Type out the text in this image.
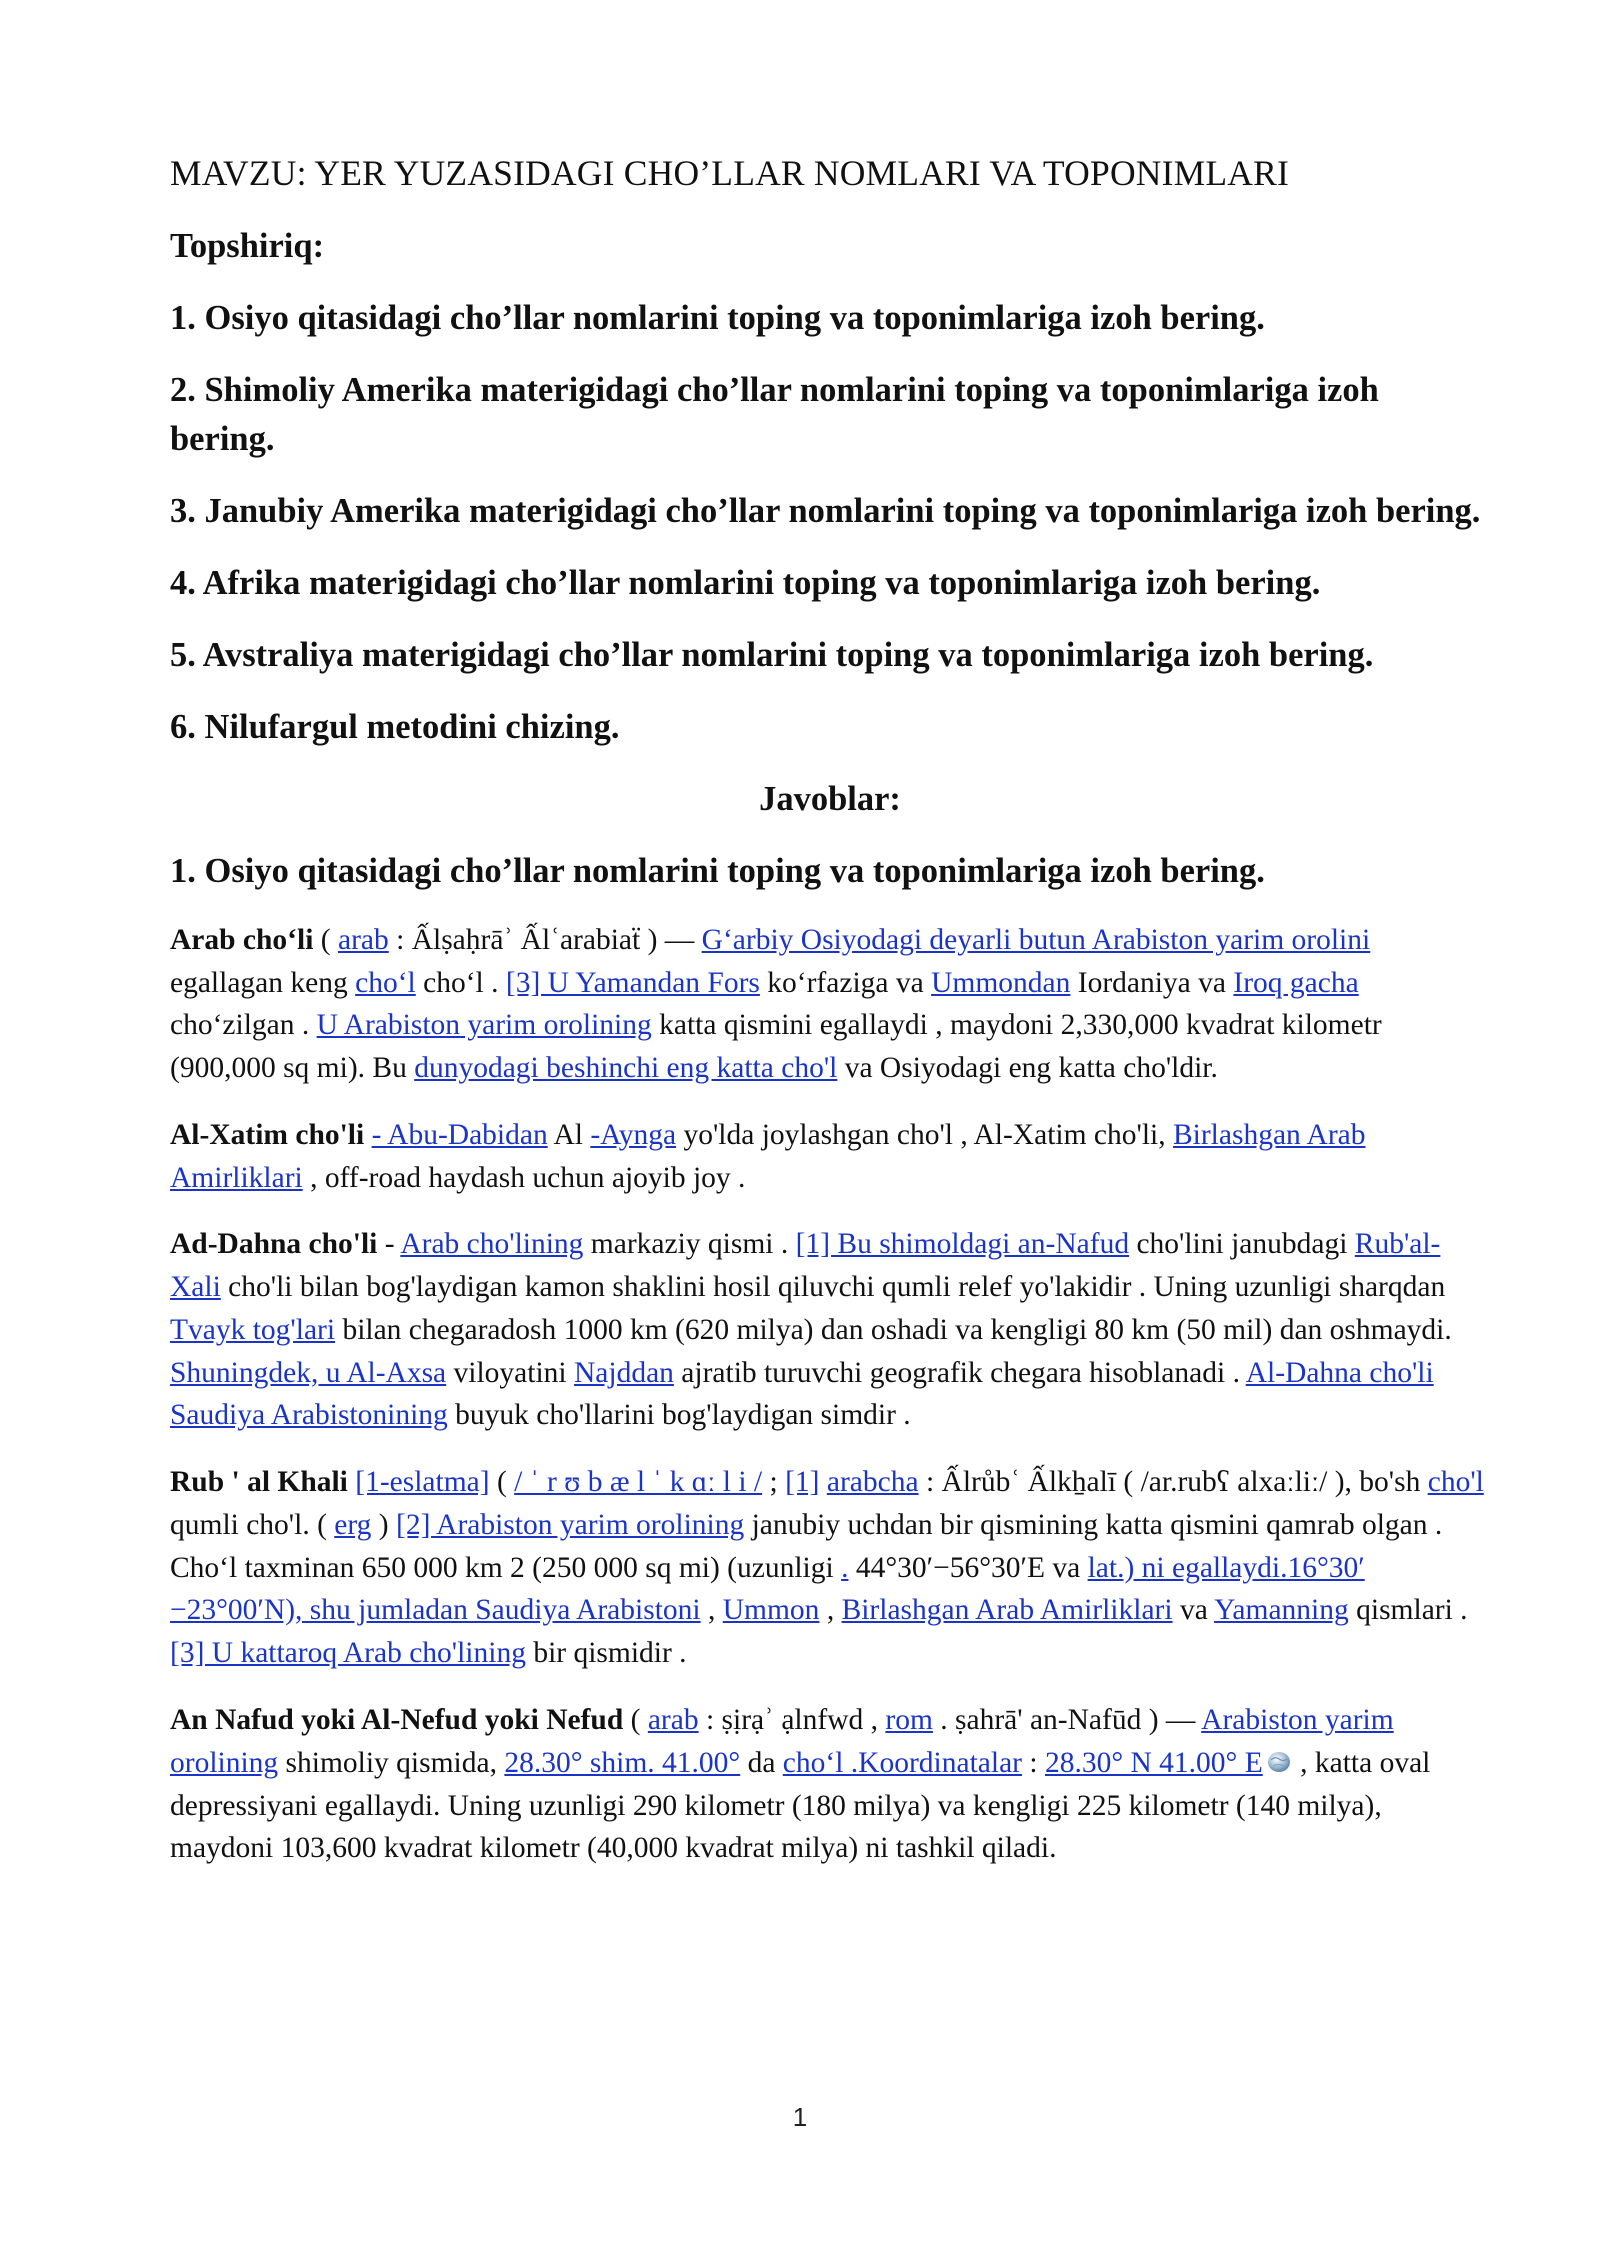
MAVZU: YER YUZASIDAGI CHO’LLAR NOMLARI VA TOPONIMLARI

Topshiriq:

1. Osiyo qitasidagi cho’llar nomlarini toping va toponimlariga izoh bering.

2. Shimoliy Amerika materigidagi cho’llar nomlarini toping va toponimlariga izoh bering.

3. Janubiy Amerika materigidagi cho’llar nomlarini toping va toponimlariga izoh bering.

4. Afrika materigidagi cho’llar nomlarini toping va toponimlariga izoh bering.

5. Avstraliya materigidagi cho’llar nomlarini toping va toponimlariga izoh bering.

6. Nilufargul metodini chizing.

Javoblar:

1. Osiyo qitasidagi cho’llar nomlarini toping va toponimlariga izoh bering.

Arab cho‘li ( arab : Ấlṣaḥrāʾ Ấlʿarabiaẗ ) — G‘arbiy Osiyodagi deyarli butun Arabiston yarim orolini egallagan keng cho‘l cho‘l . [3] U Yamandan Fors ko‘rfaziga va Ummondan Iordaniya va Iroq gacha cho‘zilgan . U Arabiston yarim orolining katta qismini egallaydi , maydoni 2,330,000 kvadrat kilometr (900,000 sq mi). Bu dunyodagi beshinchi eng katta cho'l va Osiyodagi eng katta cho'ldir.

Al-Xatim cho'li - Abu-Dabidan Al -Aynga yo'lda joylashgan cho'l , Al-Xatim cho'li, Birlashgan Arab Amirliklari , off-road haydash uchun ajoyib joy .

Ad-Dahna cho'li - Arab cho'lining markaziy qismi . [1] Bu shimoldagi an-Nafud cho'lini janubdagi Rub'al-Xali cho'li bilan bog'laydigan kamon shaklini hosil qiluvchi qumli relef yo'lakidir . Uning uzunligi sharqdan Tvayk tog'lari bilan chegaradosh 1000 km (620 milya) dan oshadi va kengligi 80 km (50 mil) dan oshmaydi. Shuningdek, u Al-Axsa viloyatini Najddan ajratib turuvchi geografik chegara hisoblanadi . Al-Dahna cho'li Saudiya Arabistonining buyuk cho'llarini bog'laydigan simdir .

Rub ' al Khali [1-eslatma] ( / ˈ r ʊ b æ l ˈ k ɑː l i / ; [1] arabcha : Ấlrůbʿ Ấlkẖalī ( /ar.rubʕ alxaːliː/ ), bo'sh cho'l qumli cho'l. ( erg ) [2] Arabiston yarim orolining janubiy uchdan bir qismining katta qismini qamrab olgan . Cho‘l taxminan 650 000 km 2 (250 000 sq mi) (uzunligi . 44°30′−56°30′E va lat.) ni egallaydi.16°30′−23°00′N), shu jumladan Saudiya Arabistoni , Ummon , Birlashgan Arab Amirliklari va Yamanning qismlari . [3] U kattaroq Arab cho'lining bir qismidir .

An Nafud yoki Al-Nefud yoki Nefud ( arab : ṣịrạʾ ạlnfwd , rom . ṣahrā' an-Nafūd ) — Arabiston yarim orolining shimoliy qismida, 28.30° shim. 41.00° da cho‘l .Koordinatalar : 28.30° N 41.00° E , katta oval depressiyani egallaydi. Uning uzunligi 290 kilometr (180 milya) va kengligi 225 kilometr (140 milya), maydoni 103,600 kvadrat kilometr (40,000 kvadrat milya) ni tashkil qiladi.

1
